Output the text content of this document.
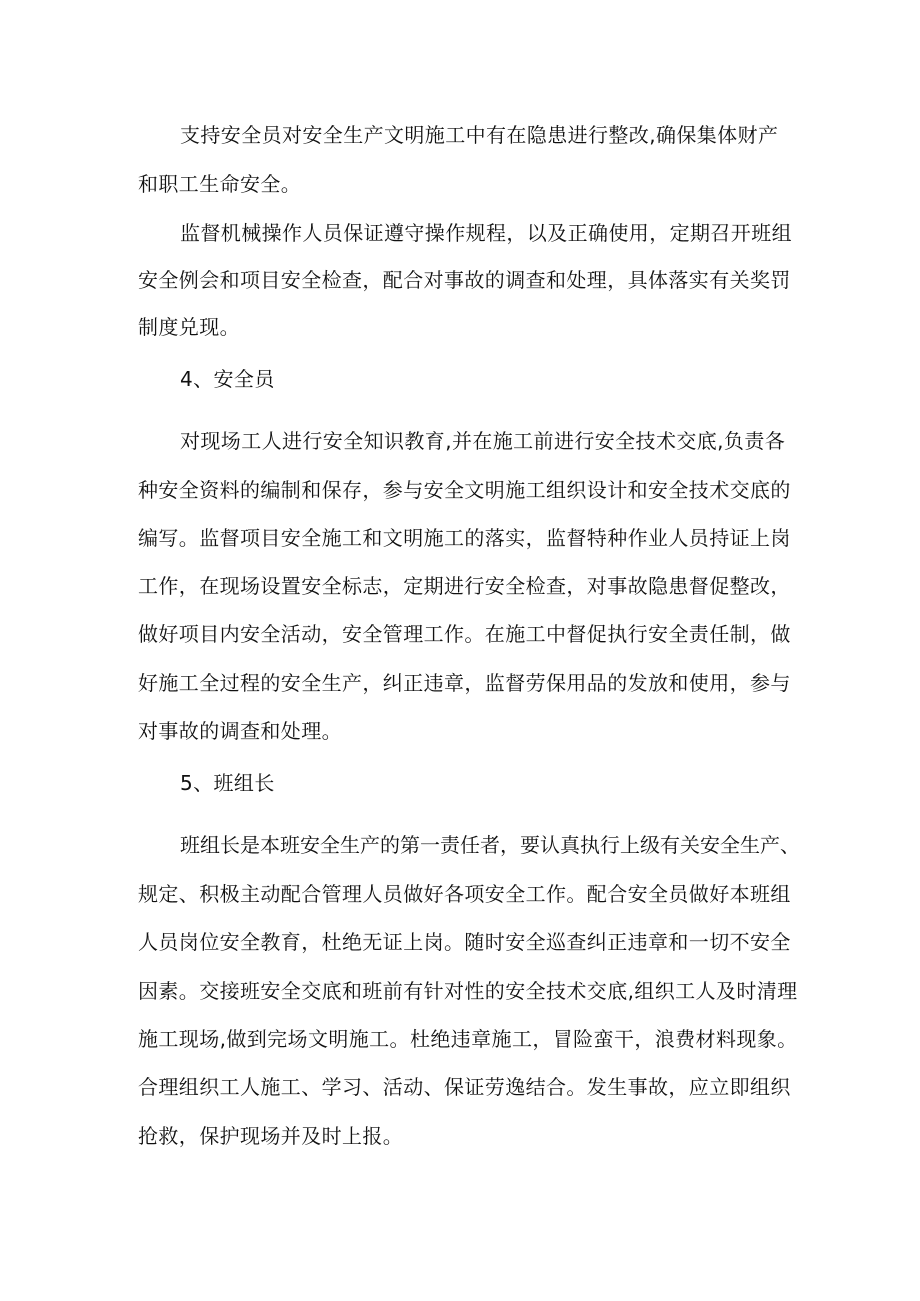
支持安全员对安全生产文明施工中有在隐患进行整改,确保集体财产
和职工生命安全。
监督机械操作人员保证遵守操作规程，以及正确使用，定期召开班组
安全例会和项目安全检查，配合对事故的调查和处理，具体落实有关奖罚
制度兑现。
4、安全员
对现场工人进行安全知识教育,并在施工前进行安全技术交底,负责各
种安全资料的编制和保存，参与安全文明施工组织设计和安全技术交底的
编写。监督项目安全施工和文明施工的落实，监督特种作业人员持证上岗
工作，在现场设置安全标志，定期进行安全检查，对事故隐患督促整改，
做好项目内安全活动，安全管理工作。在施工中督促执行安全责任制，做
好施工全过程的安全生产，纠正违章，监督劳保用品的发放和使用，参与
对事故的调查和处理。
5、班组长
班组长是本班安全生产的第一责任者，要认真执行上级有关安全生产、
规定、积极主动配合管理人员做好各项安全工作。配合安全员做好本班组
人员岗位安全教育，杜绝无证上岗。随时安全巡查纠正违章和一切不安全
因素。交接班安全交底和班前有针对性的安全技术交底,组织工人及时清理
施工现场,做到完场文明施工。杜绝违章施工，冒险蛮干，浪费材料现象。
合理组织工人施工、学习、活动、保证劳逸结合。发生事故，应立即组织
抢救，保护现场并及时上报。
